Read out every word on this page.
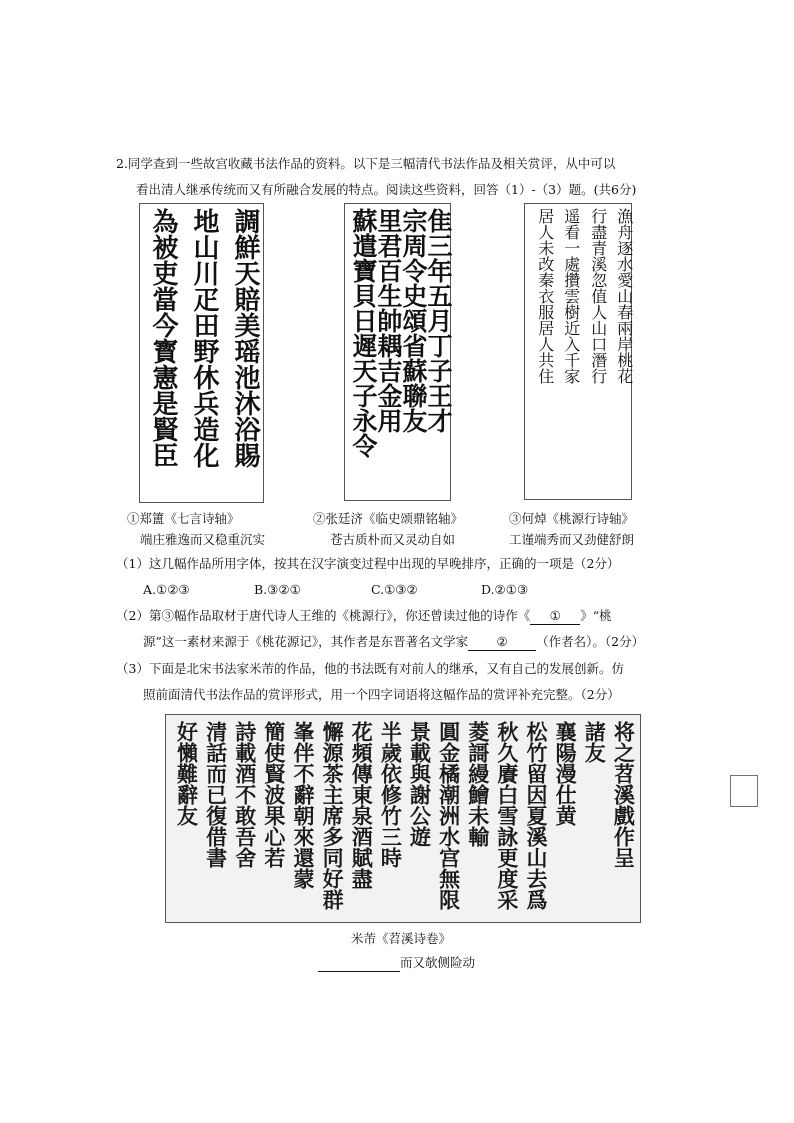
2.同学查到一些故宫收藏书法作品的资料。以下是三幅清代书法作品及相关赏评，从中可以
看出清人继承传统而又有所融合发展的特点。阅读这些资料，回答（1）-（3）题。(共6分)
調鮮天賠美瑶池沐浴賜
地山川疋田野休兵造化
為被吏當今寳憲是賢臣
①郑簠《七言诗轴》
端庄雅逸而又稳重沉实
隹三年五月丁子王才
宗周令史頌省蘇聯友
里君百生帥耦吉金用
蘇遣寶貝日遲天子永令
②张廷济《临史颂鼎铭轴》
苍古质朴而又灵动自如
漁舟逐水愛山春兩岸桃花
行盡青溪忽值人山口潛行
遥看一處攢雲樹近入千家
居人未改秦衣服居人共住
③何焯《桃源行诗轴》
工谨端秀而又劲健舒朗
（1）这几幅作品所用字体，按其在汉字演变过程中出现的早晚排序，正确的一项是（2分）
A.①②③	B.③②①	C.①③②	D.②①③
（2）第③幅作品取材于唐代诗人王维的《桃源行》，你还曾读过他的诗作《 ① 》“桃
源”这一素材来源于《桃花源记》，其作者是东晋著名文学家 ② （作者名）。（2分）
（3）下面是北宋书法家米芾的作品，他的书法既有对前人的继承，又有自己的发展创新。仿
照前面清代书法作品的赏评形式，用一个四字词语将这幅作品的赏评补充完整。（2分）
将之苕溪戲作呈
諸友
襄陽漫仕黄
松竹留因夏溪山去爲
秋久賡白雪詠更度采
菱謌縵鱠未輸
圓金橘潮洲水宫無限
景載與謝公遊
半歲依修竹三時
花頻傳東泉酒賦盡
懈源茶主席多同好群
峯伴不辭朝來還蒙
簡使賢波果心若
詩載酒不敢吾舍
清話而已復借書
好懶難辭友
米芾《苕溪诗卷》
而又欹侧险动
